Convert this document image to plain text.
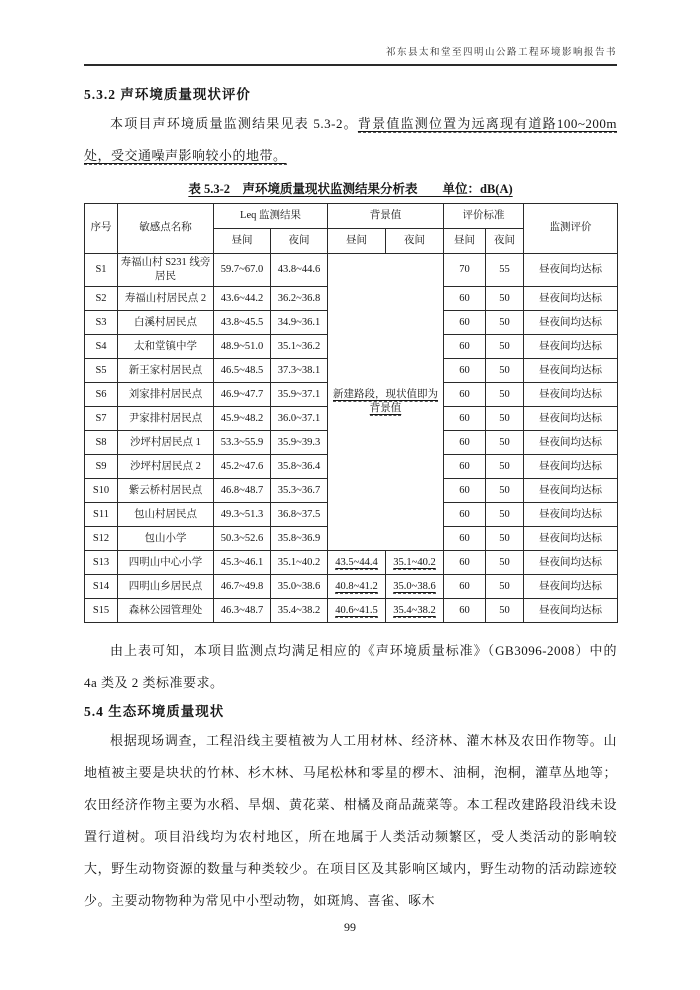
祁东县太和堂至四明山公路工程环境影响报告书
5.3.2 声环境质量现状评价

本项目声环境质量监测结果见表 5.3-2。背景值监测位置为远离现有道路100~200m 处，受交通噪声影响较小的地带。

表 5.3-2　声环境质量现状监测结果分析表　　单位：dB(A)
序号	敏感点名称	Leq 监测结果		背景值		评价标准		监测评价
		昼间	夜间	昼间	夜间	昼间	夜间	
S1	寿福山村 S231 线旁居民	59.7~67.0	43.8~44.6	新建路段，现状值即为背景值		70	55	昼夜间均达标
S2	寿福山村居民点 2	43.6~44.2	36.2~36.8			60	50	昼夜间均达标
S3	白溪村居民点	43.8~45.5	34.9~36.1			60	50	昼夜间均达标
S4	太和堂镇中学	48.9~51.0	35.1~36.2			60	50	昼夜间均达标
S5	新王家村居民点	46.5~48.5	37.3~38.1			60	50	昼夜间均达标
S6	刘家排村居民点	46.9~47.7	35.9~37.1			60	50	昼夜间均达标
S7	尹家排村居民点	45.9~48.2	36.0~37.1			60	50	昼夜间均达标
S8	沙坪村居民点 1	53.3~55.9	35.9~39.3			60	50	昼夜间均达标
S9	沙坪村居民点 2	45.2~47.6	35.8~36.4			60	50	昼夜间均达标
S10	紫云桥村居民点	46.8~48.7	35.3~36.7			60	50	昼夜间均达标
S11	包山村居民点	49.3~51.3	36.8~37.5			60	50	昼夜间均达标
S12	包山小学	50.3~52.6	35.8~36.9			60	50	昼夜间均达标
S13	四明山中心小学	45.3~46.1	35.1~40.2	43.5~44.4	35.1~40.2	60	50	昼夜间均达标
S14	四明山乡居民点	46.7~49.8	35.0~38.6	40.8~41.2	35.0~38.6	60	50	昼夜间均达标
S15	森林公园管理处	46.3~48.7	35.4~38.2	40.6~41.5	35.4~38.2	60	50	昼夜间均达标

由上表可知，本项目监测点均满足相应的《声环境质量标准》（GB3096-2008）中的 4a 类及 2 类标准要求。

5.4 生态环境质量现状

根据现场调查，工程沿线主要植被为人工用材林、经济林、灌木林及农田作物等。山地植被主要是块状的竹林、杉木林、马尾松林和零星的椤木、油桐，泡桐，灌草丛地等；农田经济作物主要为水稻、旱烟、黄花菜、柑橘及商品蔬菜等。本工程改建路段沿线未设置行道树。项目沿线均为农村地区，所在地属于人类活动频繁区，受人类活动的影响较大，野生动物资源的数量与种类较少。在项目区及其影响区域内，野生动物的活动踪迹较少。主要动物物种为常见中小型动物，如斑鸠、喜雀、啄木

99
